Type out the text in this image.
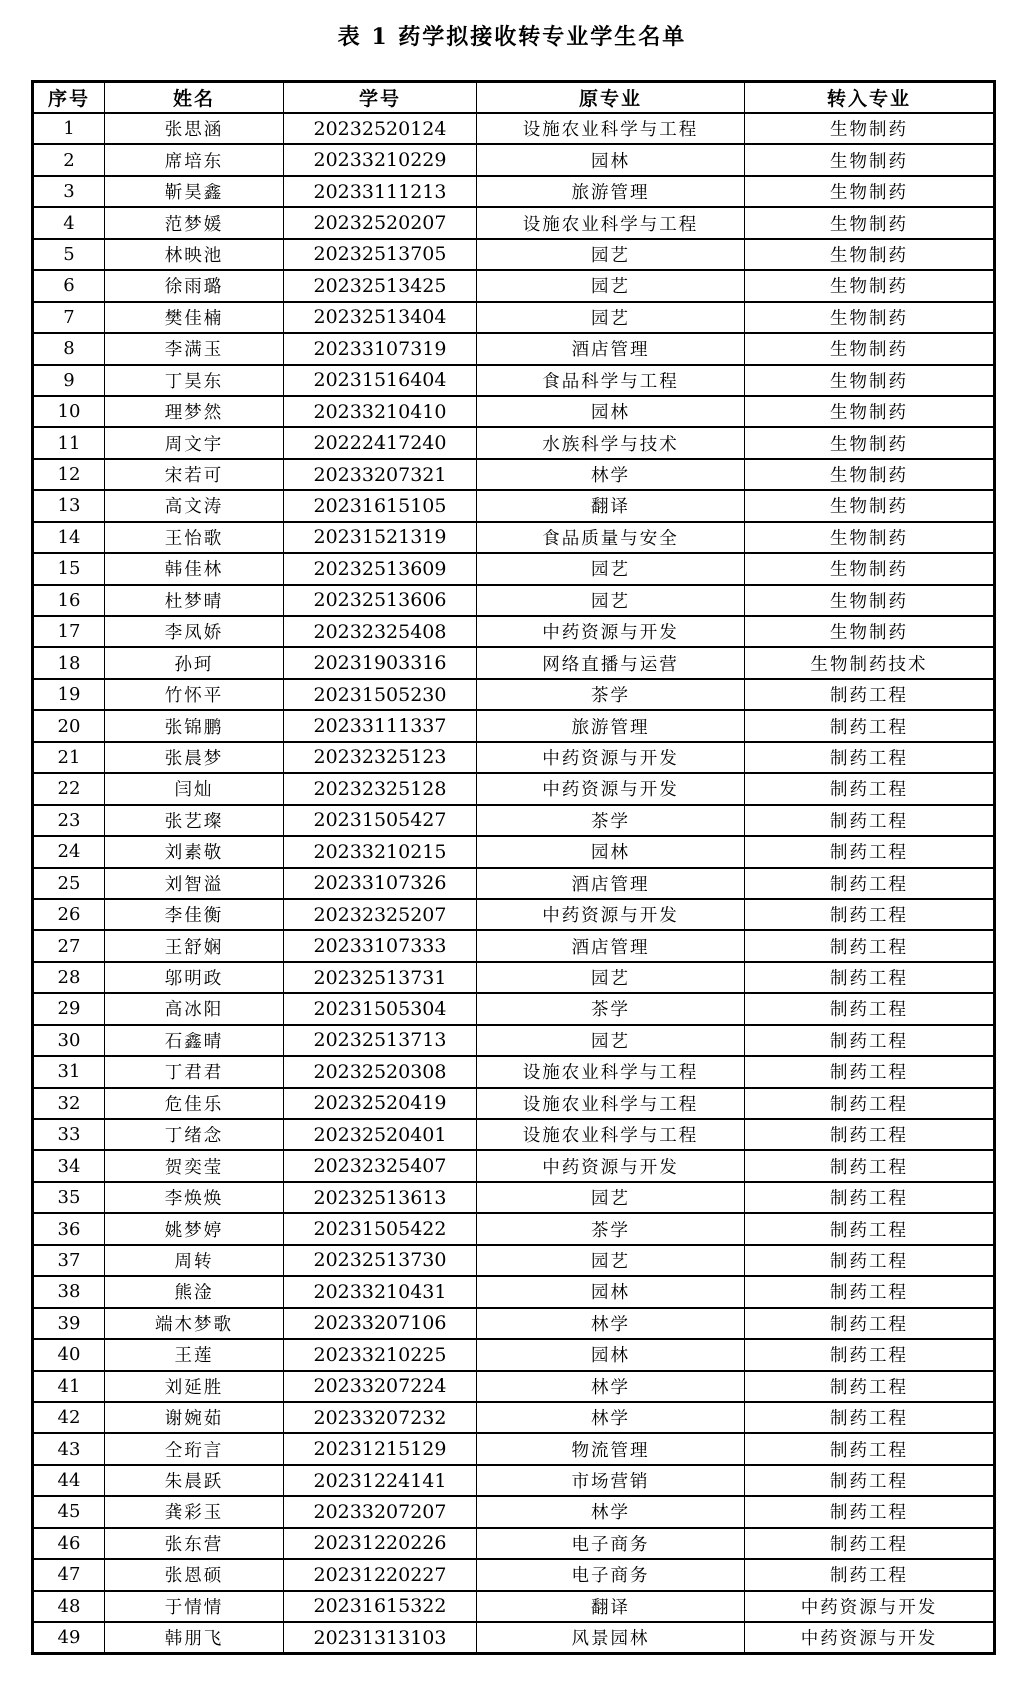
表 1 药学拟接收转专业学生名单
序号	姓名	学号	原专业	转入专业
1	张思涵	20232520124	设施农业科学与工程	生物制药
2	席培东	20233210229	园林	生物制药
3	靳昊鑫	20233111213	旅游管理	生物制药
4	范梦媛	20232520207	设施农业科学与工程	生物制药
5	林映池	20232513705	园艺	生物制药
6	徐雨璐	20232513425	园艺	生物制药
7	樊佳楠	20232513404	园艺	生物制药
8	李满玉	20233107319	酒店管理	生物制药
9	丁昊东	20231516404	食品科学与工程	生物制药
10	理梦然	20233210410	园林	生物制药
11	周文宇	20222417240	水族科学与技术	生物制药
12	宋若可	20233207321	林学	生物制药
13	高文涛	20231615105	翻译	生物制药
14	王怡歌	20231521319	食品质量与安全	生物制药
15	韩佳林	20232513609	园艺	生物制药
16	杜梦晴	20232513606	园艺	生物制药
17	李凤娇	20232325408	中药资源与开发	生物制药
18	孙珂	20231903316	网络直播与运营	生物制药技术
19	竹怀平	20231505230	茶学	制药工程
20	张锦鹏	20233111337	旅游管理	制药工程
21	张晨梦	20232325123	中药资源与开发	制药工程
22	闫灿	20232325128	中药资源与开发	制药工程
23	张艺璨	20231505427	茶学	制药工程
24	刘素敬	20233210215	园林	制药工程
25	刘智溢	20233107326	酒店管理	制药工程
26	李佳衡	20232325207	中药资源与开发	制药工程
27	王舒娴	20233107333	酒店管理	制药工程
28	邬明政	20232513731	园艺	制药工程
29	高冰阳	20231505304	茶学	制药工程
30	石鑫晴	20232513713	园艺	制药工程
31	丁君君	20232520308	设施农业科学与工程	制药工程
32	危佳乐	20232520419	设施农业科学与工程	制药工程
33	丁绪念	20232520401	设施农业科学与工程	制药工程
34	贺奕莹	20232325407	中药资源与开发	制药工程
35	李焕焕	20232513613	园艺	制药工程
36	姚梦婷	20231505422	茶学	制药工程
37	周转	20232513730	园艺	制药工程
38	熊淦	20233210431	园林	制药工程
39	端木梦歌	20233207106	林学	制药工程
40	王莲	20233210225	园林	制药工程
41	刘延胜	20233207224	林学	制药工程
42	谢婉茹	20233207232	林学	制药工程
43	仝珩言	20231215129	物流管理	制药工程
44	朱晨跃	20231224141	市场营销	制药工程
45	龚彩玉	20233207207	林学	制药工程
46	张东营	20231220226	电子商务	制药工程
47	张恩硕	20231220227	电子商务	制药工程
48	于情情	20231615322	翻译	中药资源与开发
49	韩朋飞	20231313103	风景园林	中药资源与开发
